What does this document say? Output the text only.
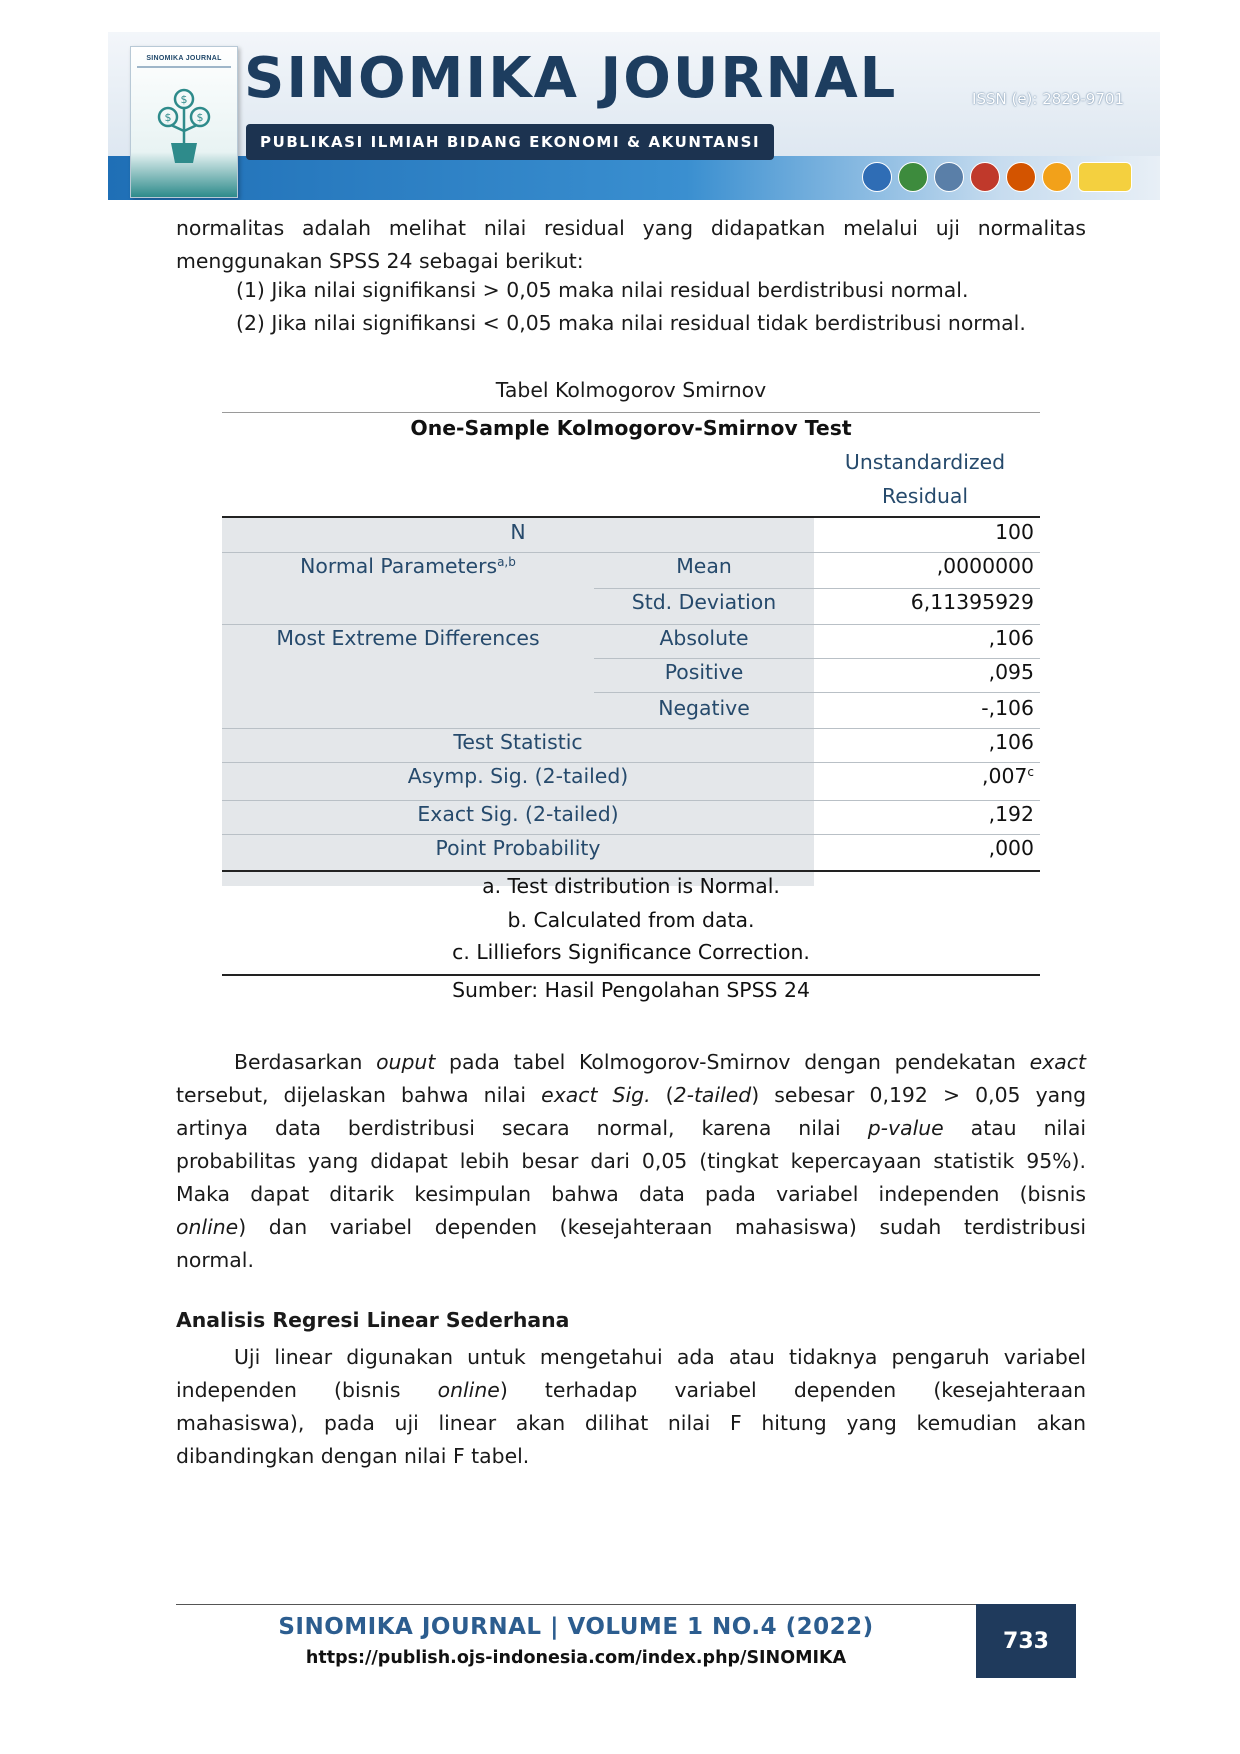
SINOMIKA JOURNAL
$
$ $
SINOMIKA JOURNAL
PUBLIKASI ILMIAH BIDANG EKONOMI & AKUNTANSI
ISSN (e): 2829-9701
normalitas adalah melihat nilai residual yang didapatkan melalui uji normalitas
menggunakan SPSS 24 sebagai berikut:
(1) Jika nilai signifikansi > 0,05 maka nilai residual berdistribusi normal.
(2) Jika nilai signifikansi < 0,05 maka nilai residual tidak berdistribusi normal.
Tabel Kolmogorov Smirnov
One-Sample Kolmogorov-Smirnov Test
Unstandardized
Residual
N	100
Normal Parameters$^{a,b}$	Mean	,0000000
Std. Deviation	6,11395929
Most Extreme Differences	Absolute	,106
Positive	,095
Negative	-,106
Test Statistic	,106
Asymp. Sig. (2-tailed)	,007$^c$
Exact Sig. (2-tailed)	,192
Point Probability	,000
a. Test distribution is Normal.
b. Calculated from data.
c. Lilliefors Significance Correction.
Sumber: Hasil Pengolahan SPSS 24
Berdasarkan ouput pada tabel Kolmogorov-Smirnov dengan pendekatan exact
tersebut, dijelaskan bahwa nilai exact Sig. (2-tailed) sebesar 0,192 > 0,05 yang
artinya data berdistribusi secara normal, karena nilai p-value atau nilai
probabilitas yang didapat lebih besar dari 0,05 (tingkat kepercayaan statistik 95%).
Maka dapat ditarik kesimpulan bahwa data pada variabel independen (bisnis
online) dan variabel dependen (kesejahteraan mahasiswa) sudah terdistribusi
normal.
Analisis Regresi Linear Sederhana
Uji linear digunakan untuk mengetahui ada atau tidaknya pengaruh variabel
independen (bisnis online) terhadap variabel dependen (kesejahteraan
mahasiswa), pada uji linear akan dilihat nilai F hitung yang kemudian akan
dibandingkan dengan nilai F tabel.
SINOMIKA JOURNAL | VOLUME 1 NO.4 (2022)
https://publish.ojs-indonesia.com/index.php/SINOMIKA
733
